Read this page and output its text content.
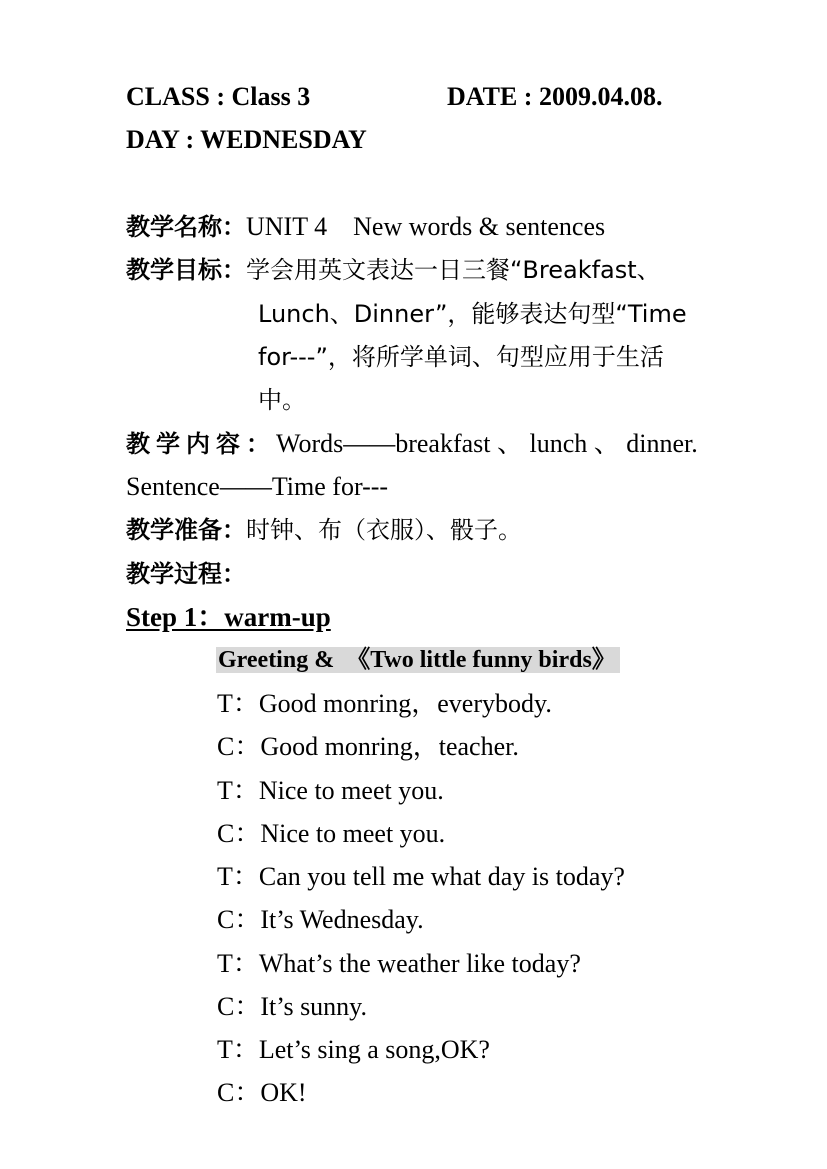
CLASS : Class 3	DATE : 2009.04.08.
DAY : WEDNESDAY
教学名称：UNIT 4    New words & sentences
教学目标：学会用英文表达一日三餐“Breakfast、
Lunch、Dinner”，能够表达句型“Time
for---”，将所学单词、句型应用于生活
中。
教学内容：Words——breakfast 、 lunch 、 dinner.
Sentence——Time for---
教学准备：时钟、布（衣服）、骰子。
教学过程：
Step 1：warm-up
Greeting &  《Two little funny birds》
T：Good monring，everybody.
C：Good monring，teacher.
T：Nice to meet you.
C：Nice to meet you.
T：Can you tell me what day is today?
C：It’s Wednesday.
T：What’s the weather like today?
C：It’s sunny.
T：Let’s sing a song,OK?
C：OK!
